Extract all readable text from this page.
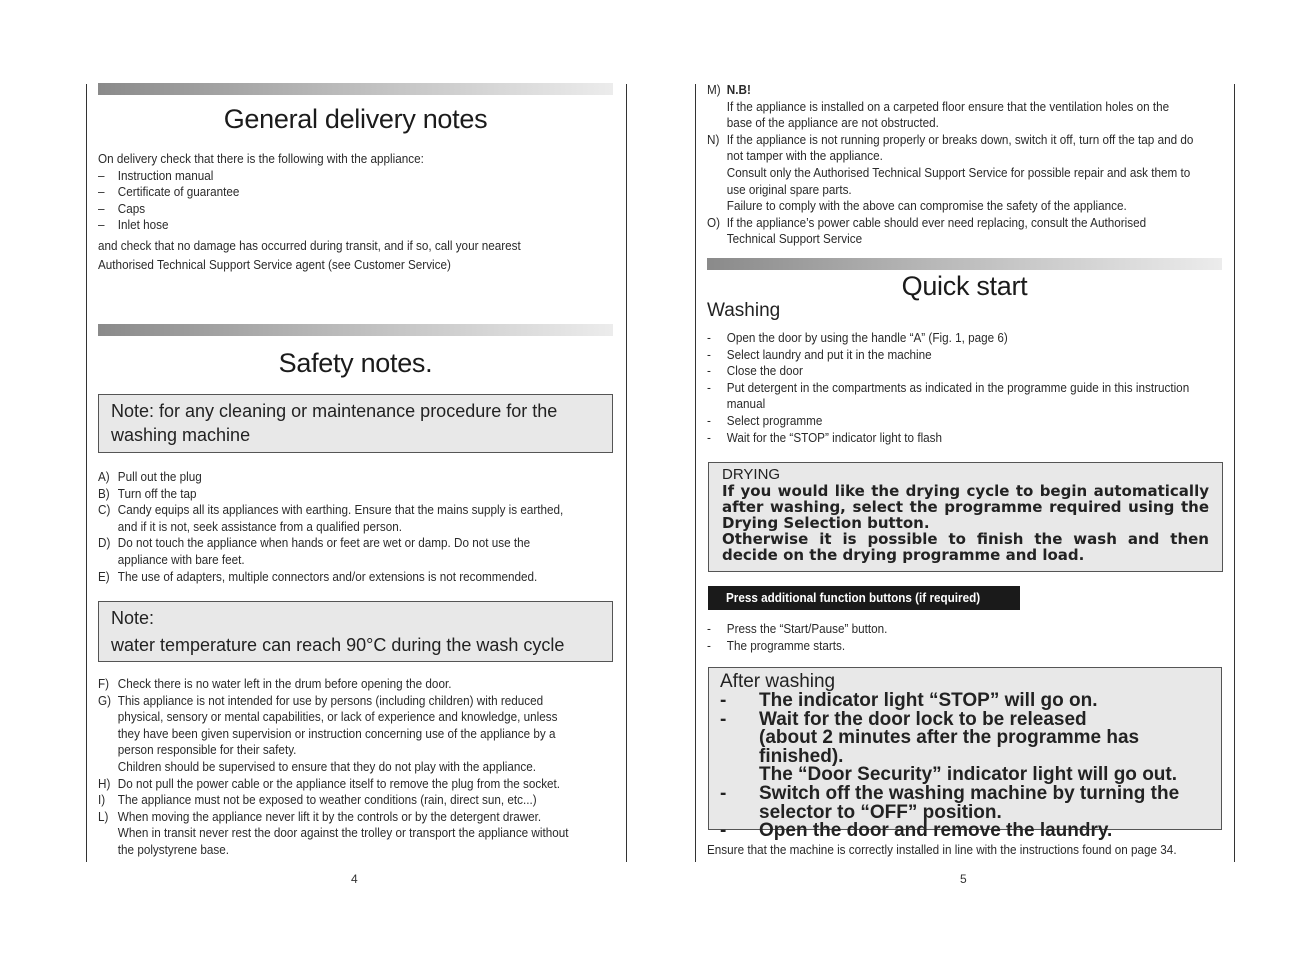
General delivery notes

On delivery check that there is the following with the appliance:

– Instruction manual
– Certificate of guarantee
– Caps
– Inlet hose

and check that no damage has occurred during transit, and if so, call your nearest

Authorised Technical Support Service agent (see Customer Service)

Safety notes.
Note: for any cleaning or maintenance procedure for the
washing machine
A) Pull out the plug

B) Turn off the tap

C) Candy equips all its appliances with earthing. Ensure that the mains supply is earthed,

and if it is not, seek assistance from a qualified person.

D) Do not touch the appliance when hands or feet are wet or damp. Do not use the

appliance with bare feet.

E) The use of adapters, multiple connectors and/or extensions is not recommended.

Note:
water temperature can reach 90°C during the wash cycle
F) Check there is no water left in the drum before opening the door.

G) This appliance is not intended for use by persons (including children) with reduced

physical, sensory or mental capabilities, or lack of experience and knowledge, unless

they have been given supervision or instruction concerning use of the appliance by a

person responsible for their safety.

Children should be supervised to ensure that they do not play with the appliance.

H) Do not pull the power cable or the appliance itself to remove the plug from the socket.

I) The appliance must not be exposed to weather conditions (rain, direct sun, etc...)

L) When moving the appliance never lift it by the controls or by the detergent drawer.

When in transit never rest the door against the trolley or transport the appliance without

the polystyrene base.

4
M) N.B!

If the appliance is installed on a carpeted floor ensure that the ventilation holes on the

base of the appliance are not obstructed.

N) If the appliance is not running properly or breaks down, switch it off, turn off the tap and do

not tamper with the appliance.

Consult only the Authorised Technical Support Service for possible repair and ask them to

use original spare parts.

Failure to comply with the above can compromise the safety of the appliance.

O) If the appliance’s power cable should ever need replacing, consult the Authorised

Technical Support Service

Quick start
Washing
- Open the door by using the handle “A” (Fig. 1, page 6)

- Select laundry and put it in the machine

- Close the door

- Put detergent in the compartments as indicated in the programme guide in this instruction

manual

- Select programme

- Wait for the “STOP” indicator light to flash

DRYING
If you would like the drying cycle to begin automatically after washing, select the programme required using the Drying Selection button.
Otherwise it is possible to finish the wash and then decide on the drying programme and load.
Press additional function buttons (if required)
- Press the “Start/Pause” button.

- The programme starts.

After washing
- The indicator light “STOP” will go on.
- Wait for the door lock to be released
(about 2 minutes after the programme has finished).
The “Door Security” indicator light will go out.
- Switch off the washing machine by turning the
selector to “OFF” position.
- Open the door and remove the laundry.
Ensure that the machine is correctly installed in line with the instructions found on page 34.
5
